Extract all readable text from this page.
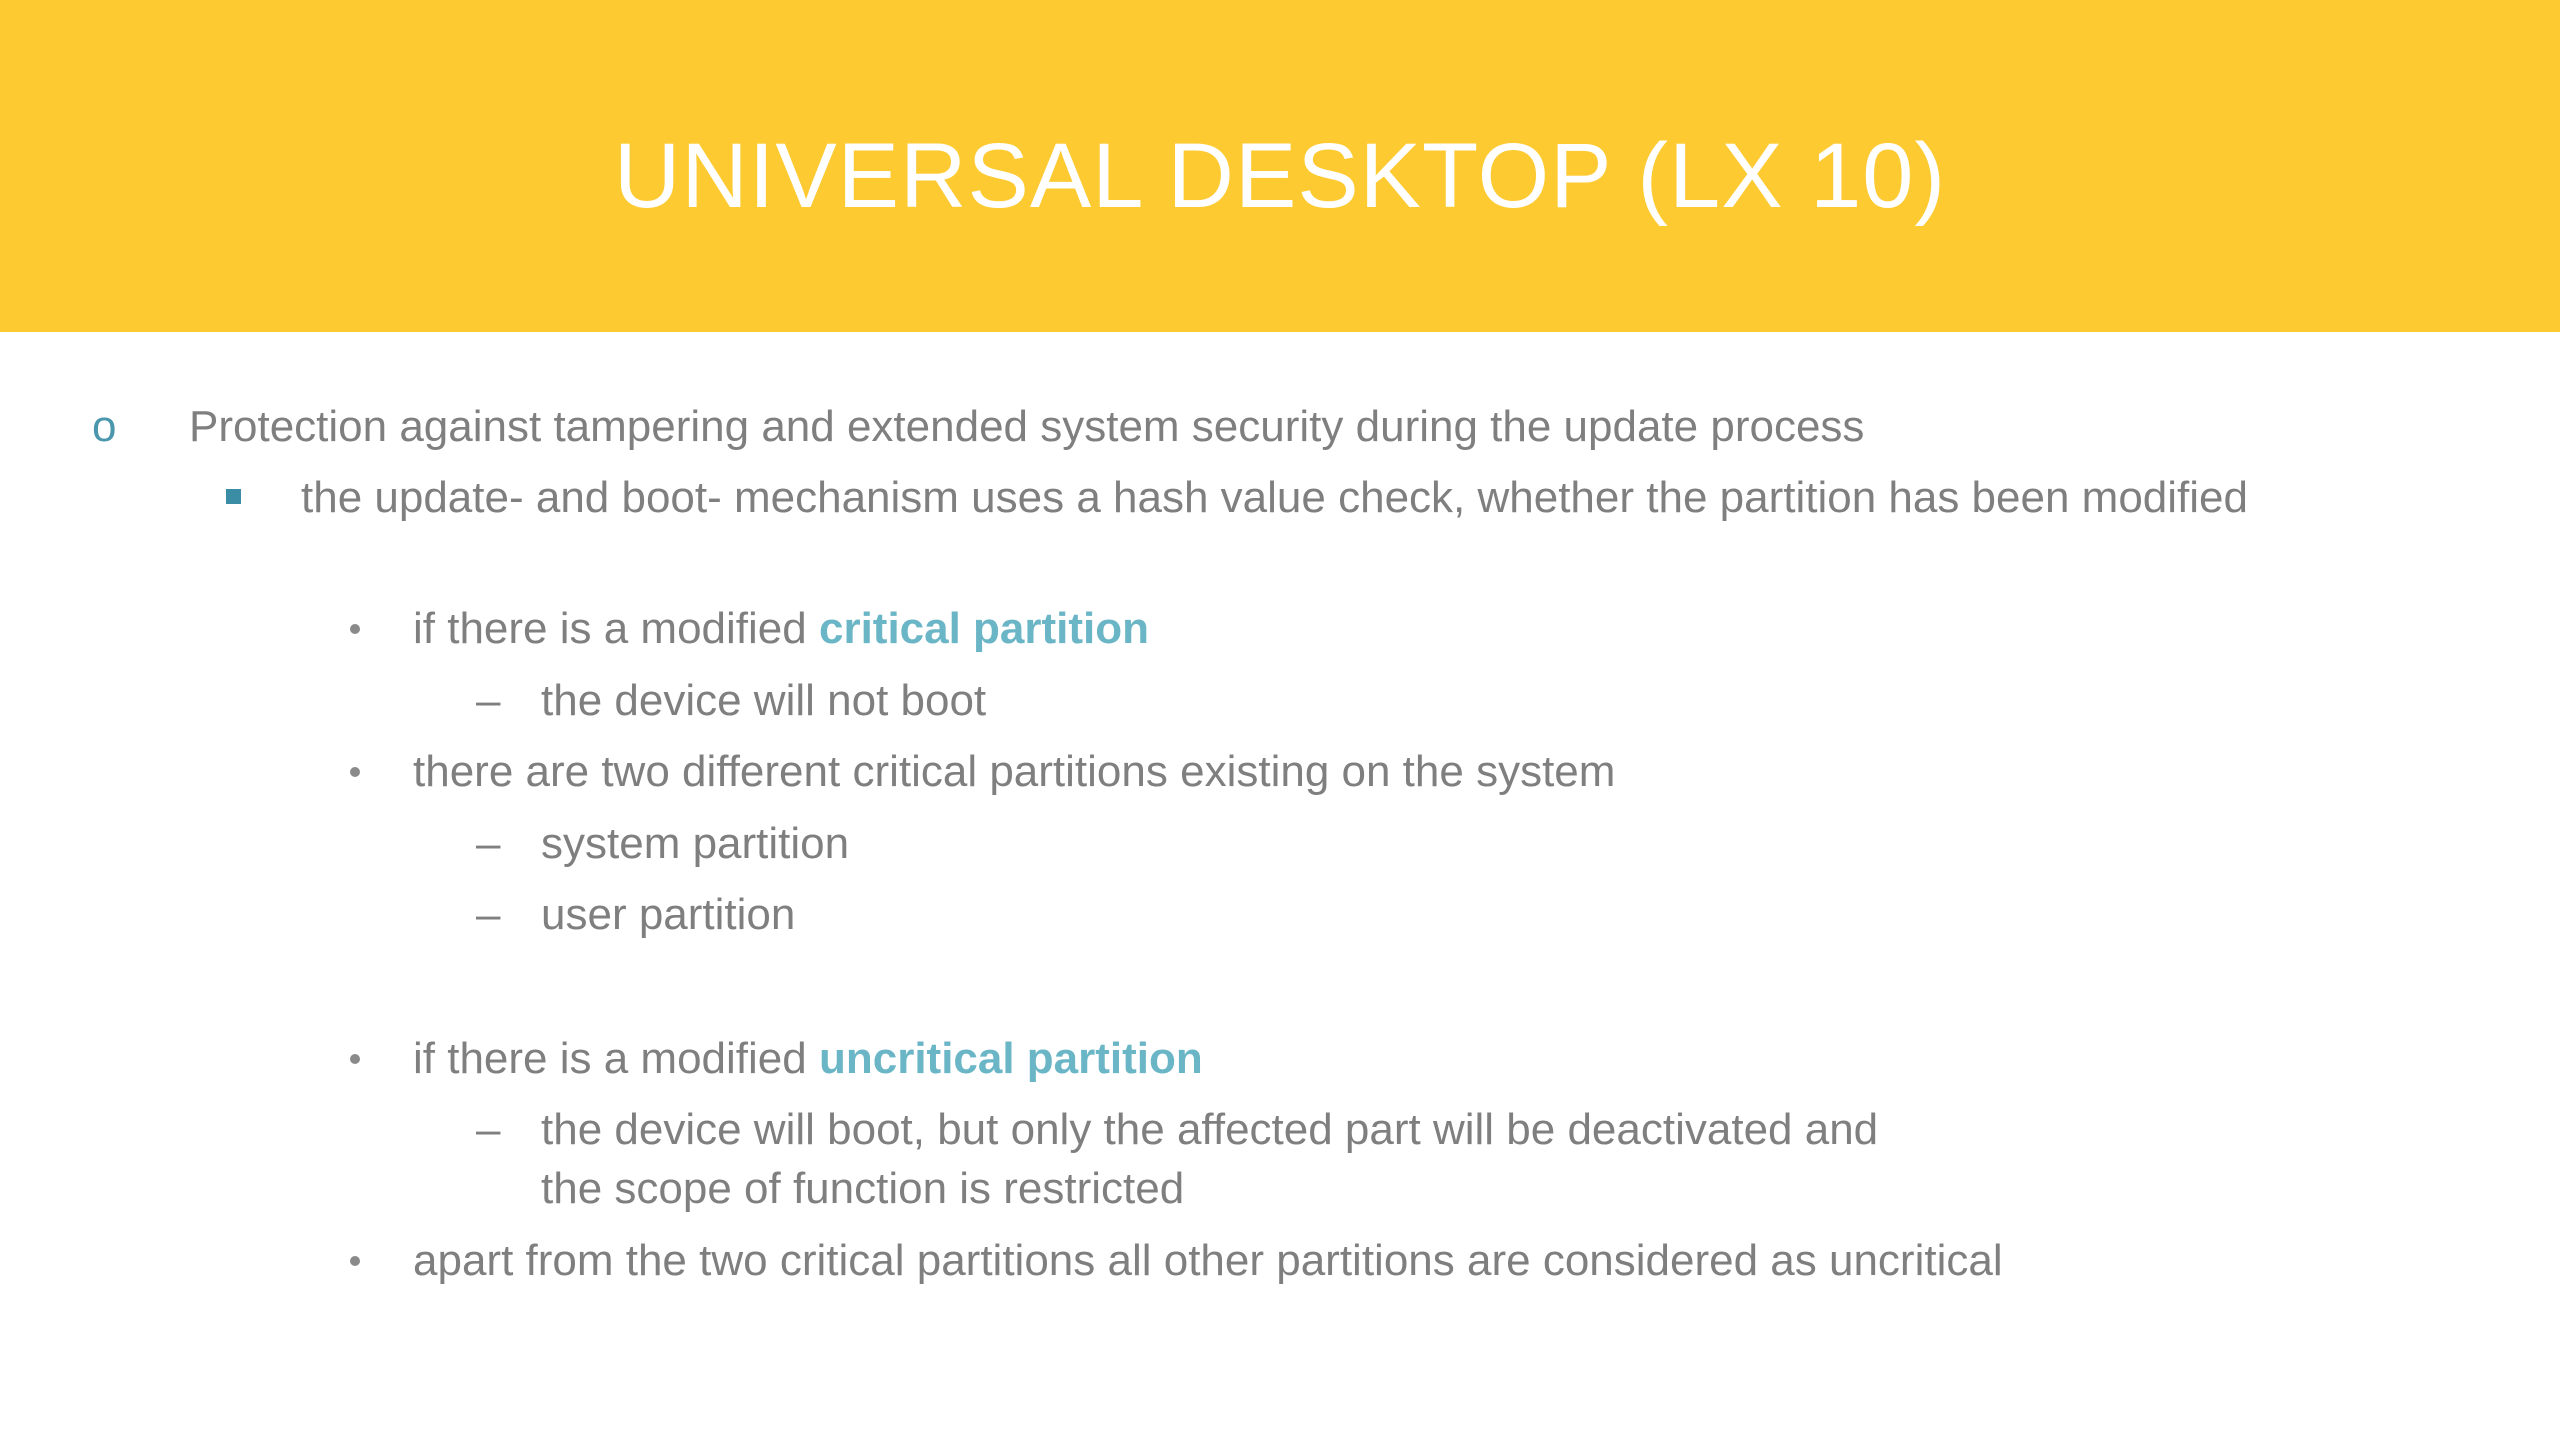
UNIVERSAL DESKTOP (LX 10)
o Protection against tampering and extended system security during the update process
the update- and boot- mechanism uses a hash value check, whether the partition has been modified
if there is a modified critical partition
– the device will not boot
there are two different critical partitions existing on the system
– system partition
– user partition
if there is a modified uncritical partition
– the device will boot, but only the affected part will be deactivated and
the scope of function is restricted
apart from the two critical partitions all other partitions are considered as uncritical
